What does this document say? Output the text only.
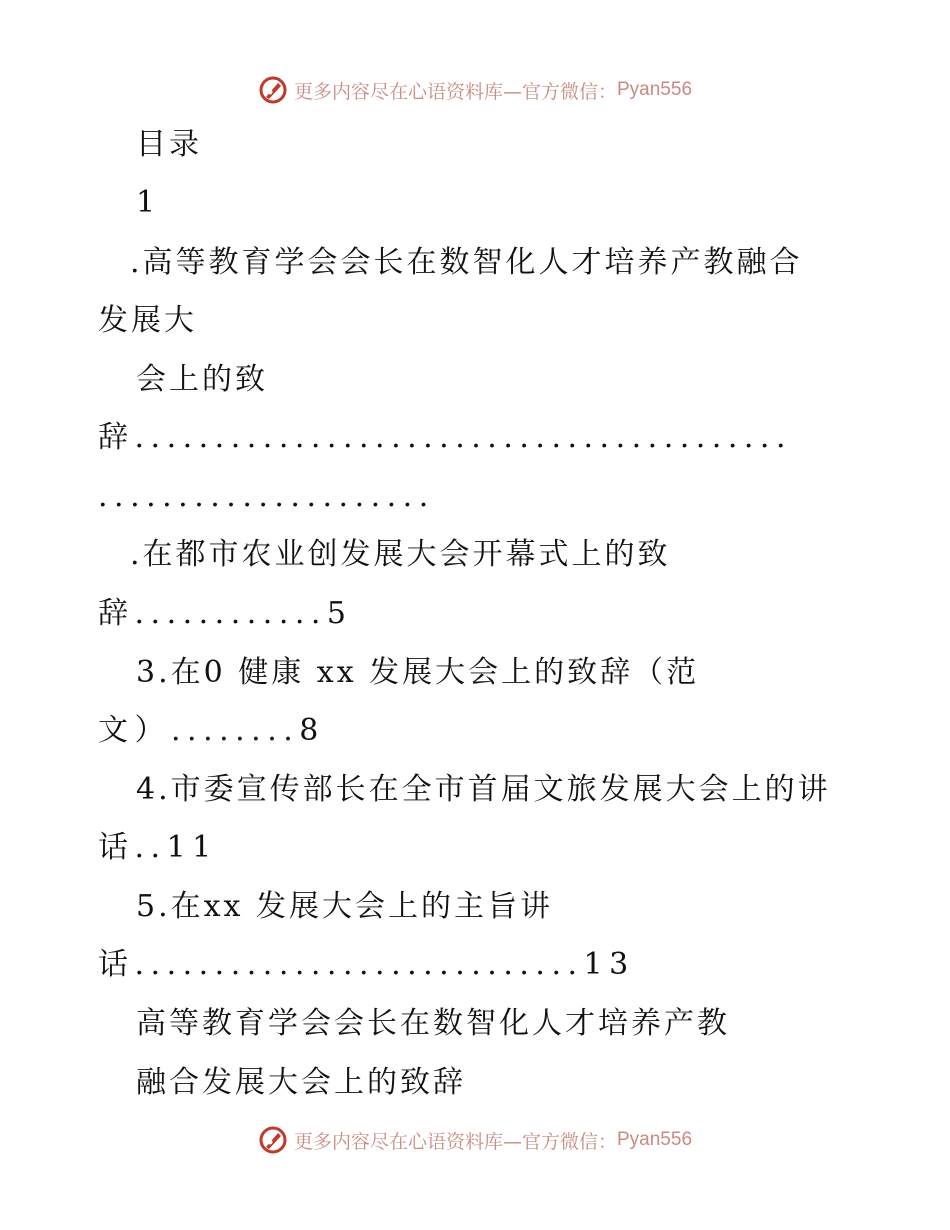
更多内容尽在心语资料库—官方微信： Pyan556
目录
1
.高等教育学会会长在数智化人才培养产教融合
发展大
会上的致
辞.........................................
.....................
.在都市农业创发展大会开幕式上的致
辞............5
3.在0 健康 xx 发展大会上的致辞（范
文）........8
4.市委宣传部长在全市首届文旅发展大会上的讲
话..11
5.在xx 发展大会上的主旨讲
话............................13
高等教育学会会长在数智化人才培养产教
融合发展大会上的致辞
更多内容尽在心语资料库—官方微信： Pyan556
